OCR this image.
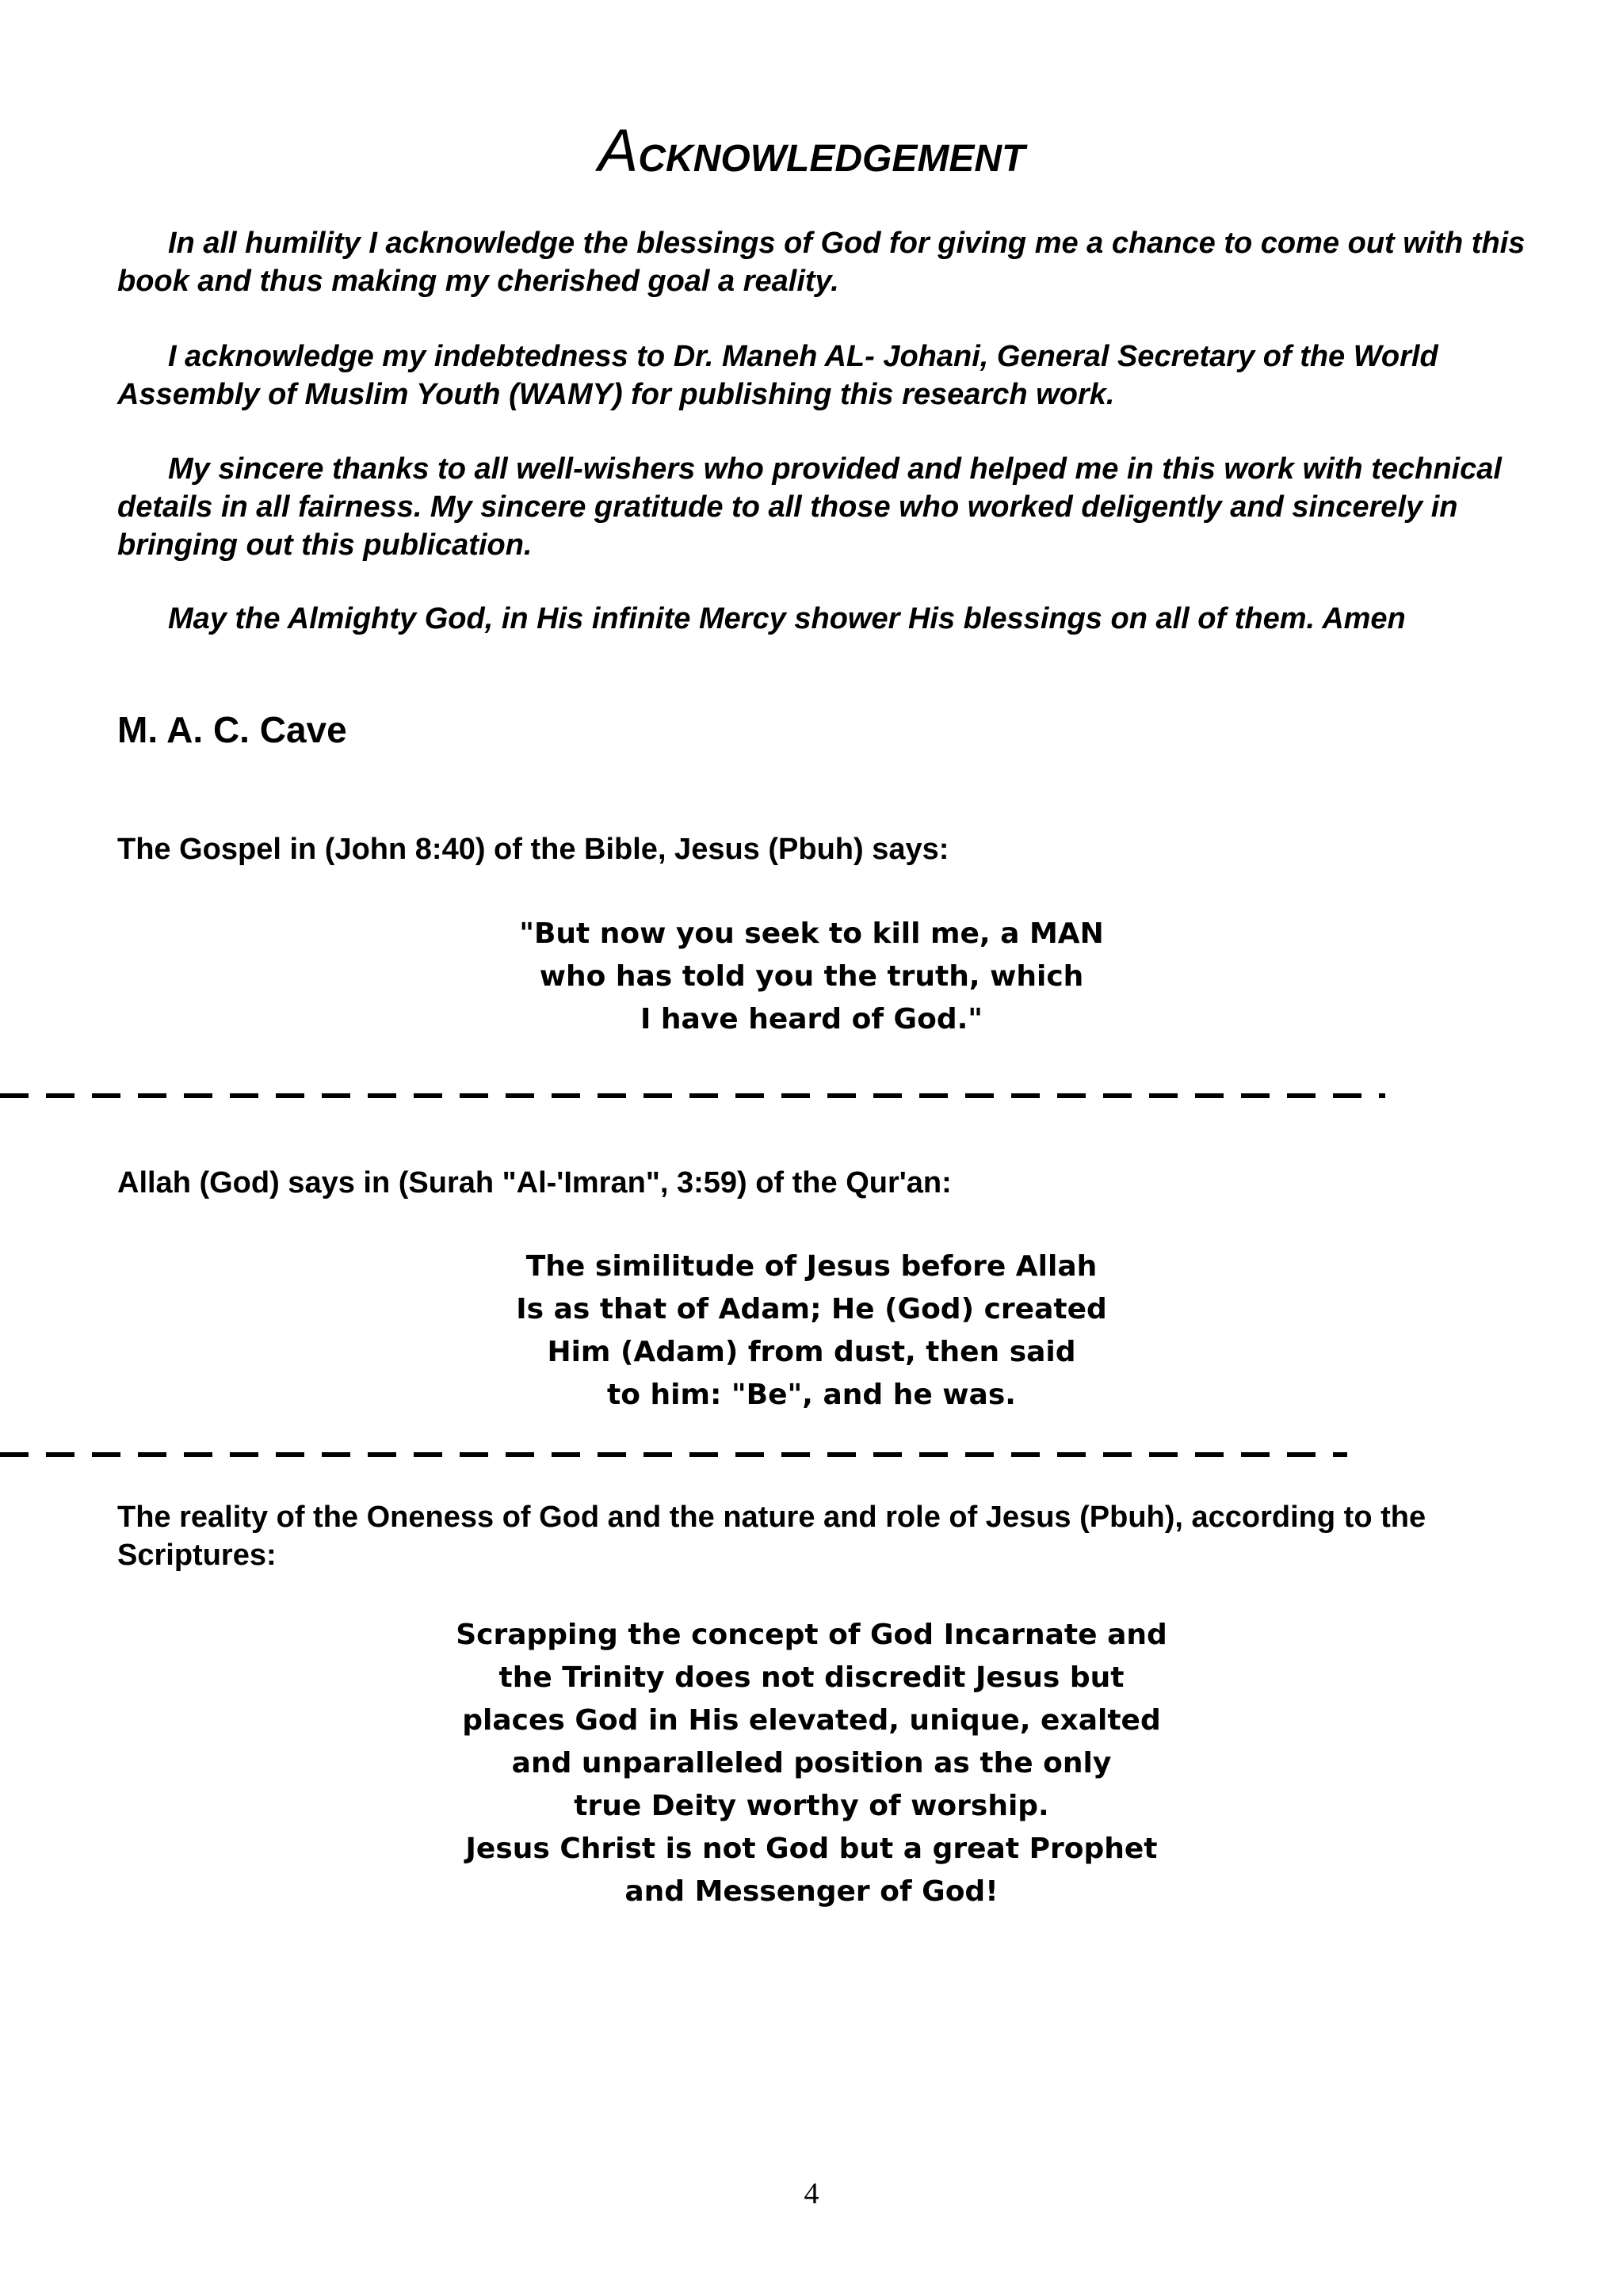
ACKNOWLEDGEMENT

In all humility I acknowledge the blessings of God for giving me a chance to come out with this book and thus making my cherished goal a reality.

I acknowledge my indebtedness to Dr. Maneh AL- Johani, General Secretary of the World Assembly of Muslim Youth (WAMY) for publishing this research work.

My sincere thanks to all well-wishers who provided and helped me in this work with technical details in all fairness. My sincere gratitude to all those who worked deligently and sincerely in bringing out this publication.

May the Almighty God, in His infinite Mercy shower His blessings on all of them. Amen

M. A. C. Cave

The Gospel in (John 8:40) of the Bible, Jesus (Pbuh) says:

"But now you seek to kill me, a MAN
who has told you the truth, which
I have heard of God."

Allah (God) says in (Surah "Al-'Imran", 3:59) of the Qur'an:

The similitude of Jesus before Allah
Is as that of Adam; He (God) created
Him (Adam) from dust, then said
to him: "Be", and he was.

The reality of the Oneness of God and the nature and role of Jesus (Pbuh), according to the Scriptures:

Scrapping the concept of God Incarnate and
the Trinity does not discredit Jesus but
places God in His elevated, unique, exalted
and unparalleled position as the only
true Deity worthy of worship.
Jesus Christ is not God but a great Prophet
and Messenger of God!
4
